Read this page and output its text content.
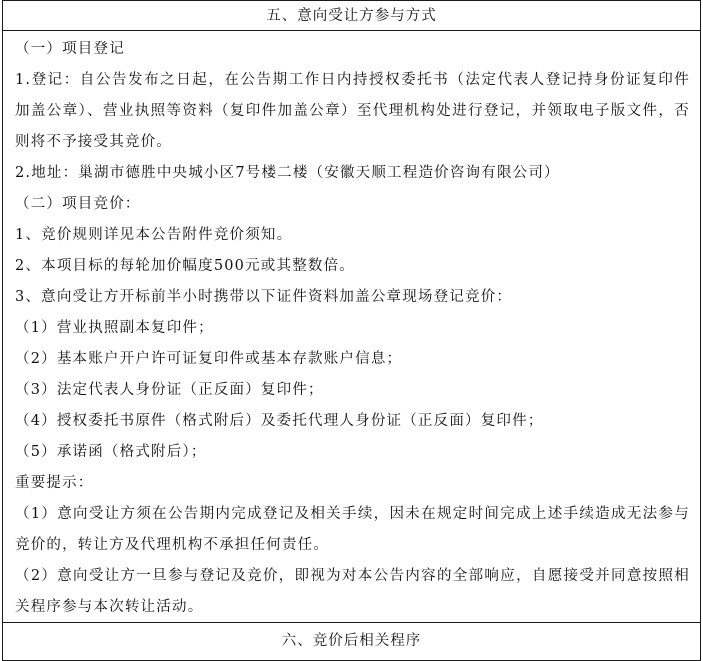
五、意向受让方参与方式
（一）项目登记
1.登记：自公告发布之日起，在公告期工作日内持授权委托书（法定代表人登记持身份证复印件加盖公章）、营业执照等资料（复印件加盖公章）至代理机构处进行登记，并领取电子版文件，否则将不予接受其竞价。
2.地址：巢湖市德胜中央城小区7号楼二楼（安徽天顺工程造价咨询有限公司）
（二）项目竞价：
1、竞价规则详见本公告附件竞价须知。
2、本项目标的每轮加价幅度500元或其整数倍。
3、意向受让方开标前半小时携带以下证件资料加盖公章现场登记竞价：
（1）营业执照副本复印件；
（2）基本账户开户许可证复印件或基本存款账户信息；
（3）法定代表人身份证（正反面）复印件；
（4）授权委托书原件（格式附后）及委托代理人身份证（正反面）复印件；
（5）承诺函（格式附后）；
重要提示：
（1）意向受让方须在公告期内完成登记及相关手续，因未在规定时间完成上述手续造成无法参与竞价的，转让方及代理机构不承担任何责任。
（2）意向受让方一旦参与登记及竞价，即视为对本公告内容的全部响应，自愿接受并同意按照相关程序参与本次转让活动。
六、竞价后相关程序
